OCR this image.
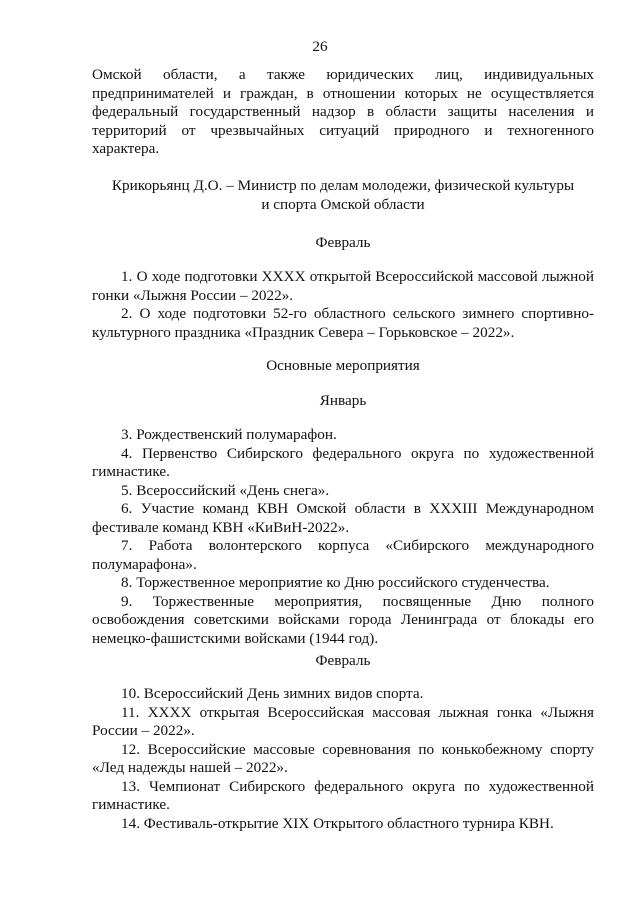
26

Омской области, а также юридических лиц, индивидуальных

предпринимателей и граждан, в отношении которых не осуществляется

федеральный государственный надзор в области защиты населения и

территорий от чрезвычайных ситуаций природного и техногенного

характера.

Крикорьянц Д.О. – Министр по делам молодежи, физической культуры

и спорта Омской области

Февраль

1. О ходе подготовки XXXX открытой Всероссийской массовой лыжной гонки «Лыжня России – 2022».

2. О ходе подготовки 52-го областного сельского зимнего спортивно-культурного праздника «Праздник Севера – Горьковское – 2022».

Основные мероприятия
Январь

3. Рождественский полумарафон.

4. Первенство Сибирского федерального округа по художественной гимнастике.

5. Всероссийский «День снега».

6. Участие команд КВН Омской области в XXXIII Международном фестивале команд КВН «КиВиН-2022».

7. Работа волонтерского корпуса «Сибирского международного полумарафона».

8. Торжественное мероприятие ко Дню российского студенчества.

9. Торжественные мероприятия, посвященные Дню полного освобождения советскими войсками города Ленинграда от блокады его немецко-фашистскими войсками (1944 год).

Февраль

10. Всероссийский День зимних видов спорта.

11. XXXX открытая Всероссийская массовая лыжная гонка «Лыжня России – 2022».

12. Всероссийские массовые соревнования по конькобежному спорту «Лед надежды нашей – 2022».

13. Чемпионат Сибирского федерального округа по художественной гимнастике.

14. Фестиваль-открытие XIX Открытого областного турнира КВН.
